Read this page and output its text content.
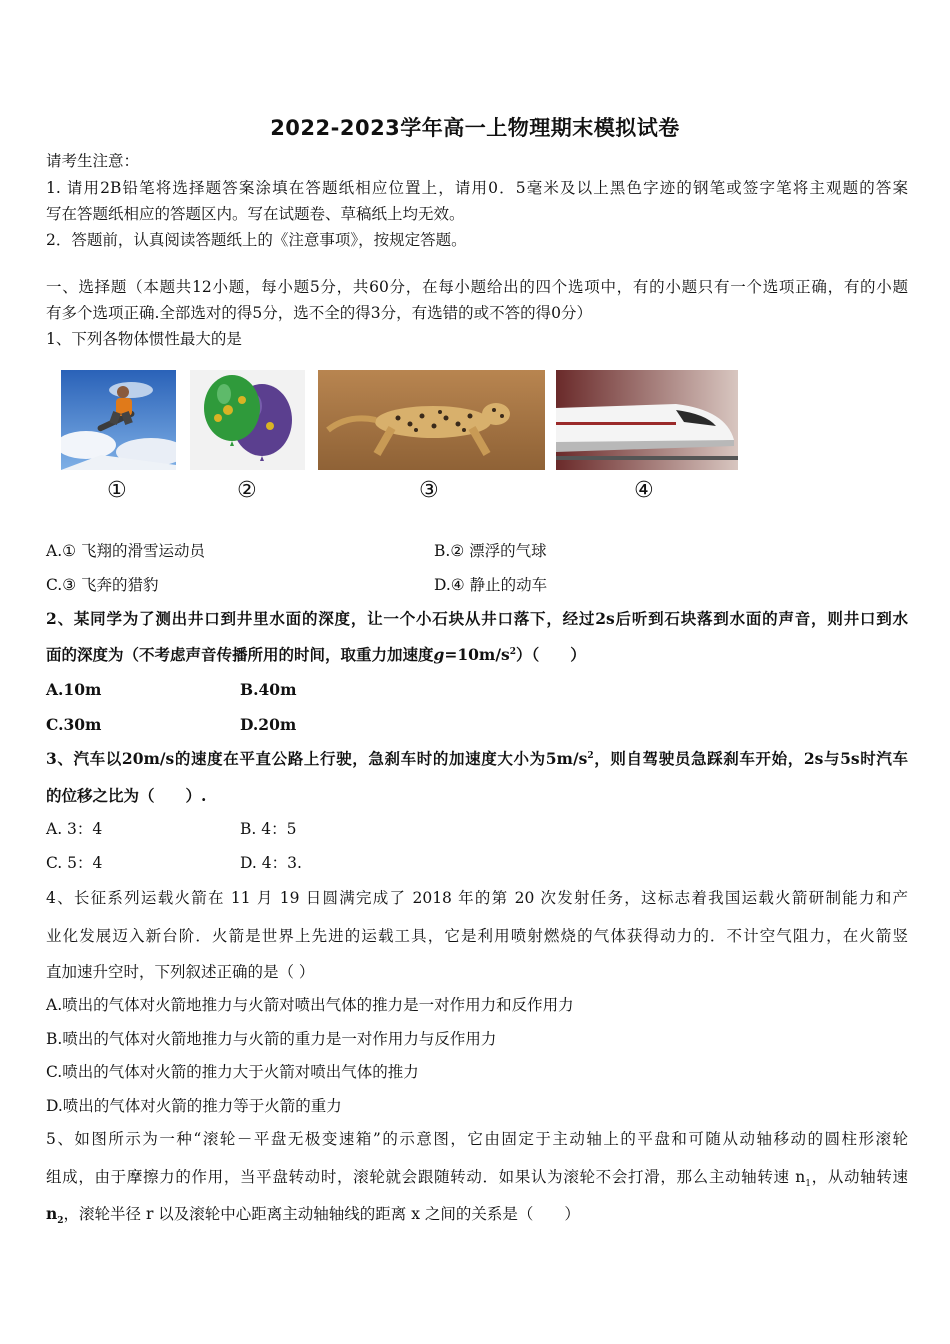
2022-2023学年高一上物理期末模拟试卷
请考生注意：
1. 请用2B铅笔将选择题答案涂填在答题纸相应位置上，请用0．5毫米及以上黑色字迹的钢笔或签字笔将主观题的答案
写在答题纸相应的答题区内。写在试题卷、草稿纸上均无效。
2．答题前，认真阅读答题纸上的《注意事项》，按规定答题。
一、选择题（本题共12小题，每小题5分，共60分，在每小题给出的四个选项中，有的小题只有一个选项正确，有的小题
有多个选项正确.全部选对的得5分，选不全的得3分，有选错的或不答的得0分）
1、下列各物体惯性最大的是
①	②	③	④
A.① 飞翔的滑雪运动员	B.② 漂浮的气球
C.③ 飞奔的猎豹	D.④ 静止的动车
2、某同学为了测出井口到井里水面的深度，让一个小石块从井口落下，经过2s后听到石块落到水面的声音，则井口到水
面的深度为（不考虑声音传播所用的时间，取重力加速度$g=10m/s^2$）（　　）
A.10m	B.40m
C.30m	D.20m
3、汽车以20m/s的速度在平直公路上行驶，急刹车时的加速度大小为$5m/s^2$，则自驾驶员急踩刹车开始，2s与5s时汽车
的位移之比为（　　）.
A. 3：4	B. 4：5
C. 5：4	D. 4：3.
4、长征系列运载火箭在 11 月 19 日圆满完成了 2018 年的第 20 次发射任务，这标志着我国运载火箭研制能力和产
业化发展迈入新台阶．火箭是世界上先进的运载工具，它是利用喷射燃烧的气体获得动力的．不计空气阻力，在火箭竖
直加速升空时，下列叙述正确的是（ ）
A.喷出的气体对火箭地推力与火箭对喷出气体的推力是一对作用力和反作用力
B.喷出的气体对火箭地推力与火箭的重力是一对作用力与反作用力
C.喷出的气体对火箭的推力大于火箭对喷出气体的推力
D.喷出的气体对火箭的推力等于火箭的重力
5、如图所示为一种“滚轮－平盘无极变速箱”的示意图，它由固定于主动轴上的平盘和可随从动轴移动的圆柱形滚轮
组成，由于摩擦力的作用，当平盘转动时，滚轮就会跟随转动．如果认为滚轮不会打滑，那么主动轴转速 $n_1$，从动轴转速
$n_2$，滚轮半径 r 以及滚轮中心距离主动轴轴线的距离 x 之间的关系是（　　）
